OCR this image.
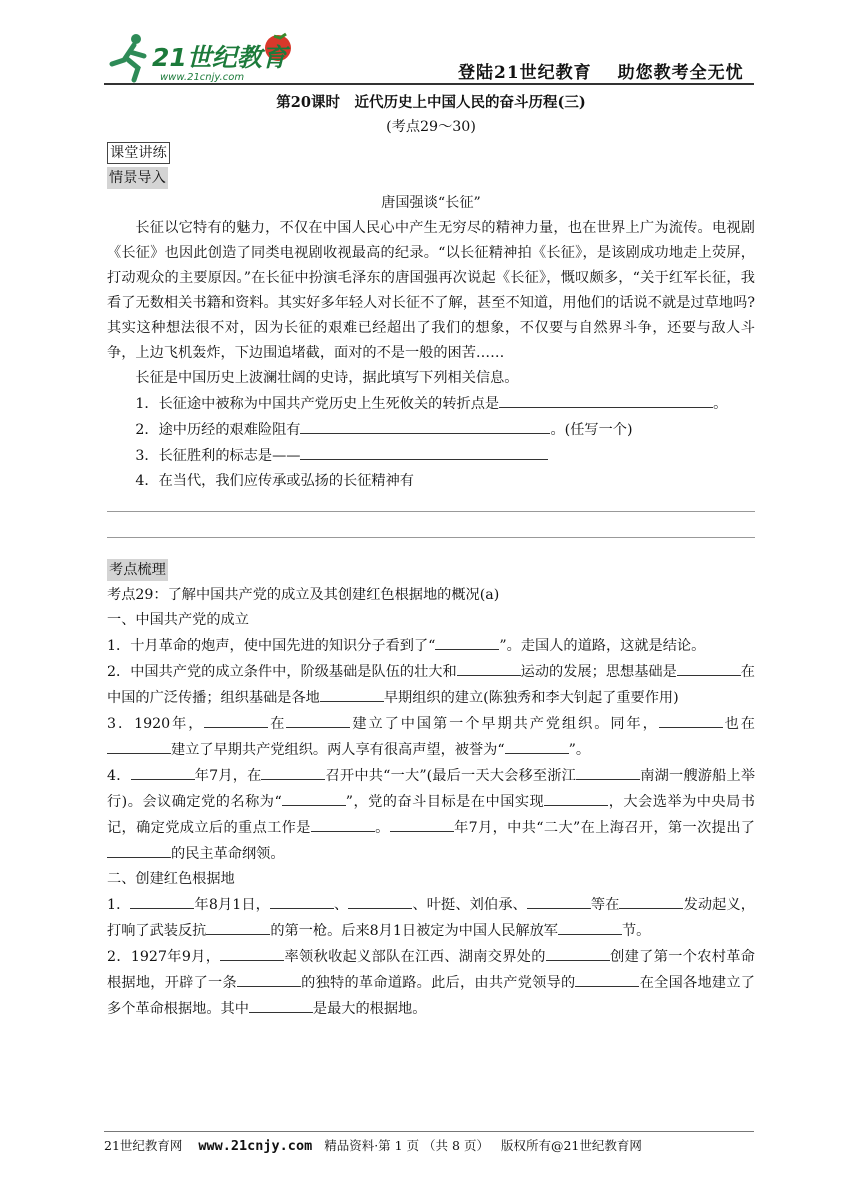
21世纪教育
www.21cnjy.com	登陆21世纪教育 助您教考全无忧
第20课时　近代历史上中国人民的奋斗历程(三)
(考点29～30)
课堂讲练
情景导入
唐国强谈“长征”
长征以它特有的魅力，不仅在中国人民心中产生无穷尽的精神力量，也在世界上广为流传。电视剧《长征》也因此创造了同类电视剧收视最高的纪录。“以长征精神拍《长征》，是该剧成功地走上荧屏，打动观众的主要原因。”在长征中扮演毛泽东的唐国强再次说起《长征》，慨叹颇多，“关于红军长征，我看了无数相关书籍和资料。其实好多年轻人对长征不了解，甚至不知道，用他们的话说不就是过草地吗?其实这种想法很不对，因为长征的艰难已经超出了我们的想象，不仅要与自然界斗争，还要与敌人斗争，上边飞机轰炸，下边围追堵截，面对的不是一般的困苦……
长征是中国历史上波澜壮阔的史诗，据此填写下列相关信息。
1．长征途中被称为中国共产党历史上生死攸关的转折点是	。
2．途中历经的艰难险阻有	。(任写一个)
3．长征胜利的标志是——
4．在当代，我们应传承或弘扬的长征精神有
考点梳理
考点29：了解中国共产党的成立及其创建红色根据地的概况(a)
一、中国共产党的成立
1．十月革命的炮声，使中国先进的知识分子看到了“	”。走国人的道路，这就是结论。
2．中国共产党的成立条件中，阶级基础是队伍的壮大和	运动的发展；思想基础是	在中国的广泛传播；组织基础是各地	早期组织的建立(陈独秀和李大钊起了重要作用)
3．1920年，	在	建立了中国第一个早期共产党组织。同年，	也在建立了早期共产党组织。两人享有很高声望，被誉为“	”。
4．	年7月，在	召开中共“一大”(最后一天大会移至浙江	南湖一艘游船上举行)。会议确定党的名称为“	”，党的奋斗目标是在中国实现	，大会选举为中央局书记，确定党成立后的重点工作是	。	年7月，中共“二大”在上海召开，第一次提出了的民主革命纲领。
二、创建红色根据地
1．	年8月1日，	、	、叶挺、刘伯承、	等在	发动起义，打响了武装反抗	的第一枪。后来8月1日被定为中国人民解放军	节。
2．1927年9月，	率领秋收起义部队在江西、湖南交界处的	创建了第一个农村革命根据地，开辟了一条	的独特的革命道路。此后，由共产党领导的	在全国各地建立了多个革命根据地。其中	是最大的根据地。
21世纪教育网 www.21cnjy.com 精品资料·第 1 页 （共 8 页） 版权所有@21世纪教育网
